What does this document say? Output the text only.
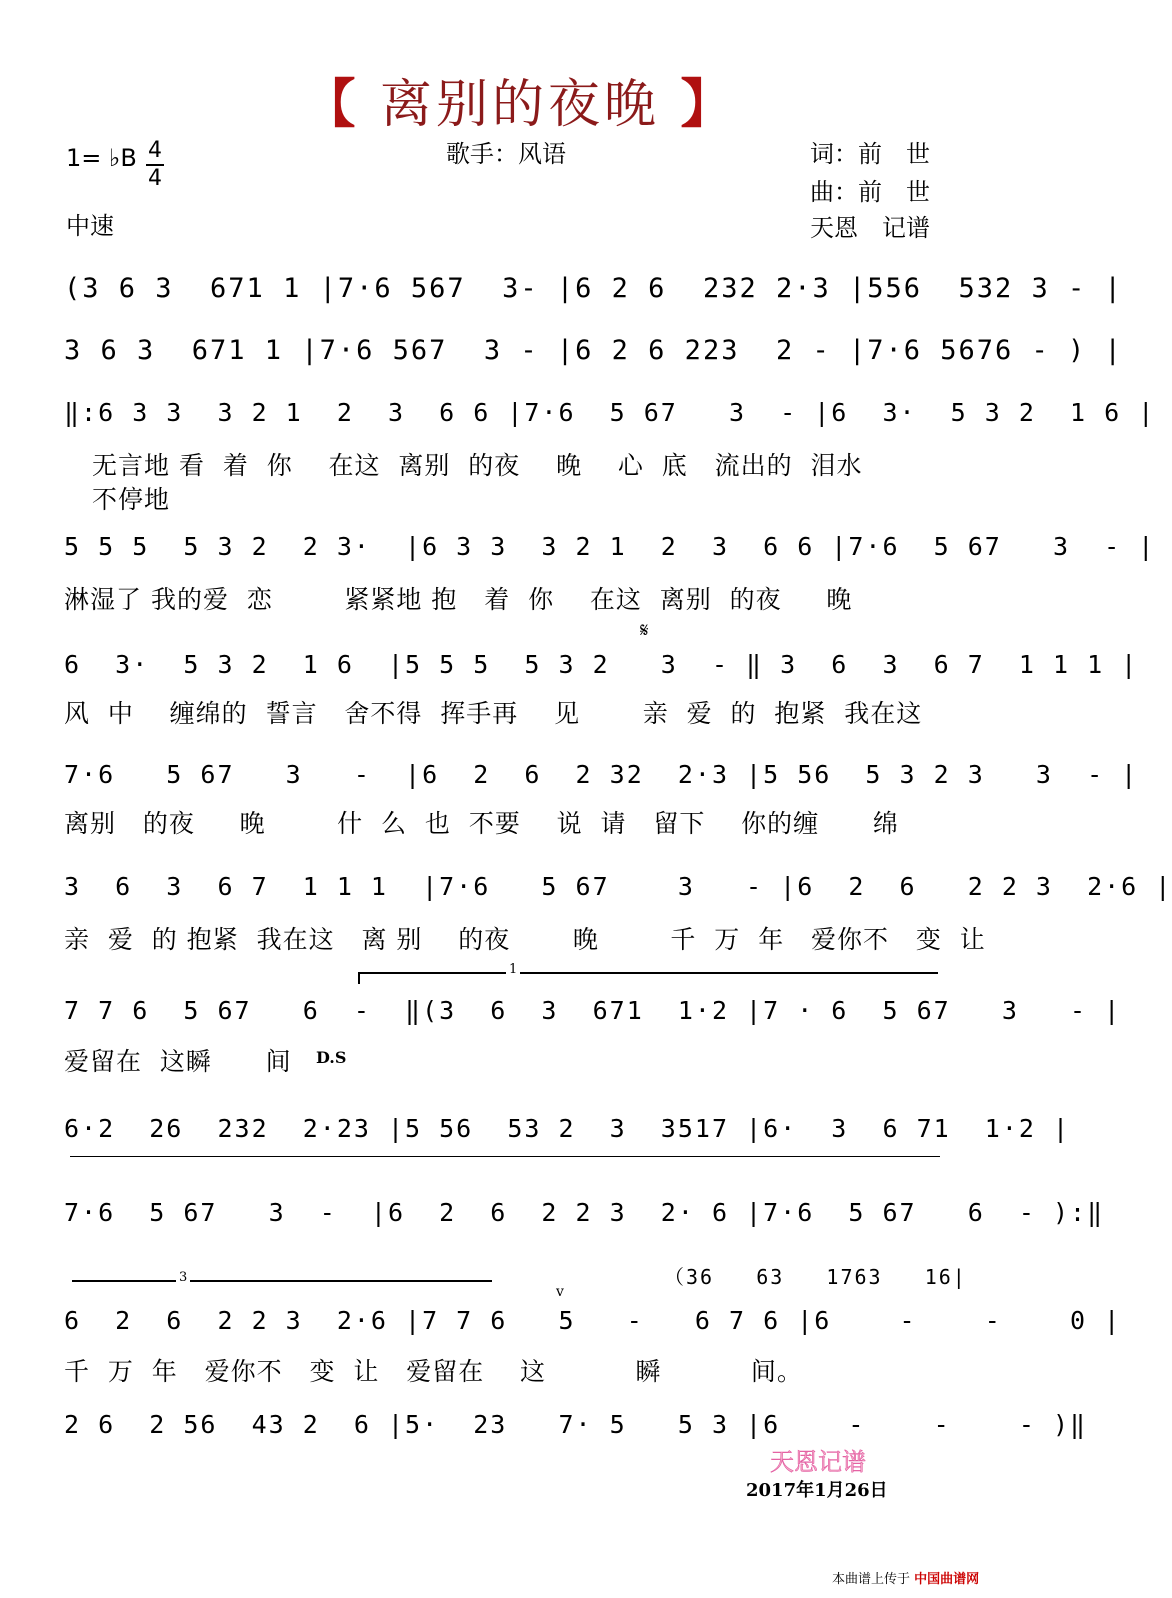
【 离别的夜晚 】
1= ♭B 4
4
中速
歌手：风语	词：前　世
曲：前　世
天恩　记谱
(3 6 3  671 1 |7·6 567  3- |6 2 6  232 2·3 |556  532 3 - |
3 6 3  671 1 |7·6 567  3 - |6 2 6 223  2 - |7·6 5676 - ) |
‖:6 3 3  3 2 1  2  3  6 6 |7·6  5 67   3  - |6  3·  5 3 2  1 6 |
无言地 看  着  你    在这  离别  的夜    晚    心  底   流出的  泪水
不停地
5 5 5  5 3 2  2 3·  |6 3 3  3 2 1  2  3  6 6 |7·6  5 67   3  - |
淋湿了 我的爱  恋        紧紧地 抱   着  你    在这  离别  的夜     晚
𝄋
6  3·  5 3 2  1 6  |5 5 5  5 3 2   3  - ‖ 3  6  3  6 7  1 1 1 |
风  中    缠绵的  誓言   舍不得  挥手再    见       亲  爱  的  抱紧  我在这
7·6   5 67   3   -  |6  2  6  2 32  2·3 |5 56  5 3 2 3   3  - |
离别   的夜     晚        什  么  也  不要    说  请   留下    你的缠      绵
3  6  3  6 7  1 1 1  |7·6   5 67    3   - |6  2  6   2 2 3  2·6 |
亲  爱  的 抱紧  我在这   离 别    的夜       晚        千  万  年   爱你不   变  让
1
7 7 6  5 67   6  -  ‖(3  6  3  671  1·2 |7 · 6  5 67   3   - |
爱留在  这瞬      间	D.S
6·2  26  232  2·23 |5 56  53 2  3  3517 |6·  3  6 71  1·2 |
7·6  5 67   3  -  |6  2  6  2 2 3  2· 6 |7·6  5 67   6  - ):‖
3
v
（36   63   1763   16|
6  2  6  2 2 3  2·6 |7 7 6   5   -   6 7 6 |6    -    -    0 |
千  万  年   爱你不   变  让   爱留在    这          瞬          间。
2 6  2 56  43 2  6 |5·  23   7· 5   5 3 |6    -    -    - )‖
天恩记谱
2017年1月26日
本曲谱上传于 中国曲谱网
